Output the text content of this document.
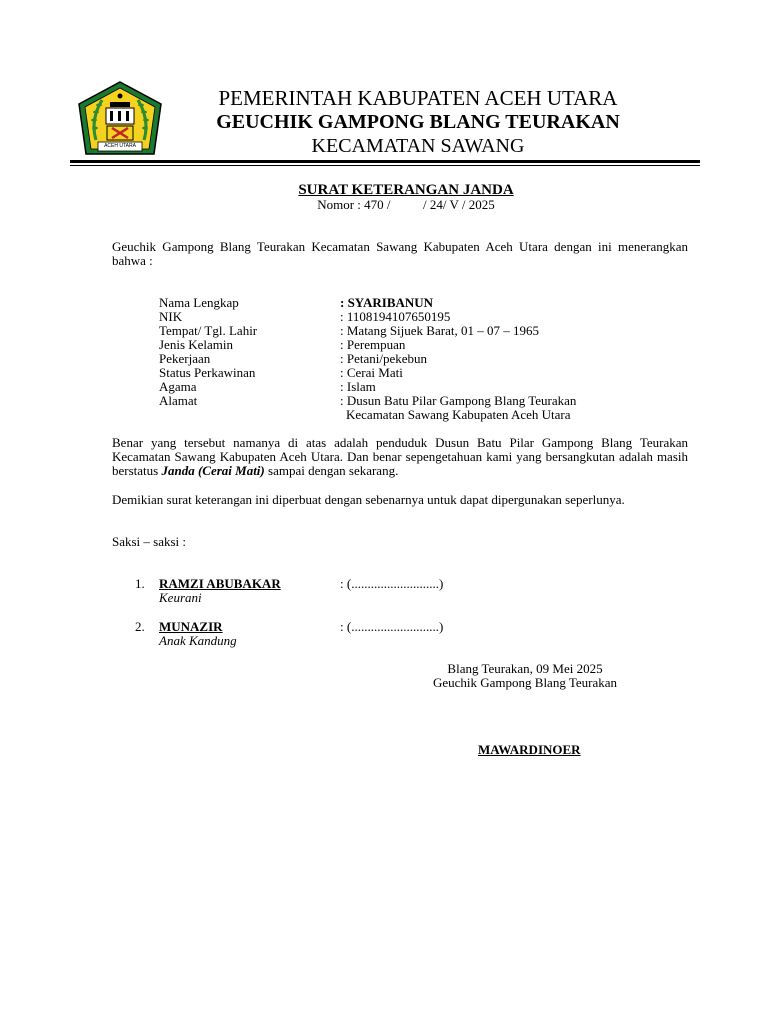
ACEH UTARA
PEMERINTAH KABUPATEN ACEH UTARA
GEUCHIK GAMPONG BLANG TEURAKAN
KECAMATAN SAWANG
SURAT KETERANGAN JANDA
Nomor : 470 /          / 24/ V / 2025
Geuchik Gampong Blang Teurakan Kecamatan Sawang Kabupaten Aceh Utara dengan ini menerangkan bahwa :
Nama Lengkap	: SYARIBANUN
NIK	: 1108194107650195
Tempat/ Tgl. Lahir	: Matang Sijuek Barat, 01 – 07 – 1965
Jenis Kelamin	: Perempuan
Pekerjaan	: Petani/pekebun
Status Perkawinan	: Cerai Mati
Agama	: Islam
Alamat	: Dusun Batu Pilar Gampong Blang Teurakan
Kecamatan Sawang Kabupaten Aceh Utara
Benar yang tersebut namanya di atas adalah penduduk Dusun Batu Pilar Gampong Blang Teurakan Kecamatan Sawang Kabupaten Aceh Utara. Dan benar sepengetahuan kami yang bersangkutan adalah masih berstatus Janda (Cerai Mati) sampai dengan sekarang.
Demikian surat keterangan ini diperbuat dengan sebenarnya untuk dapat dipergunakan seperlunya.
Saksi – saksi :
1. RAMZI ABUBAKAR	: (...........................)
Keurani
2. MUNAZIR	: (...........................)
Anak Kandung
Blang Teurakan, 09 Mei 2025
Geuchik Gampong Blang Teurakan
MAWARDINOER
